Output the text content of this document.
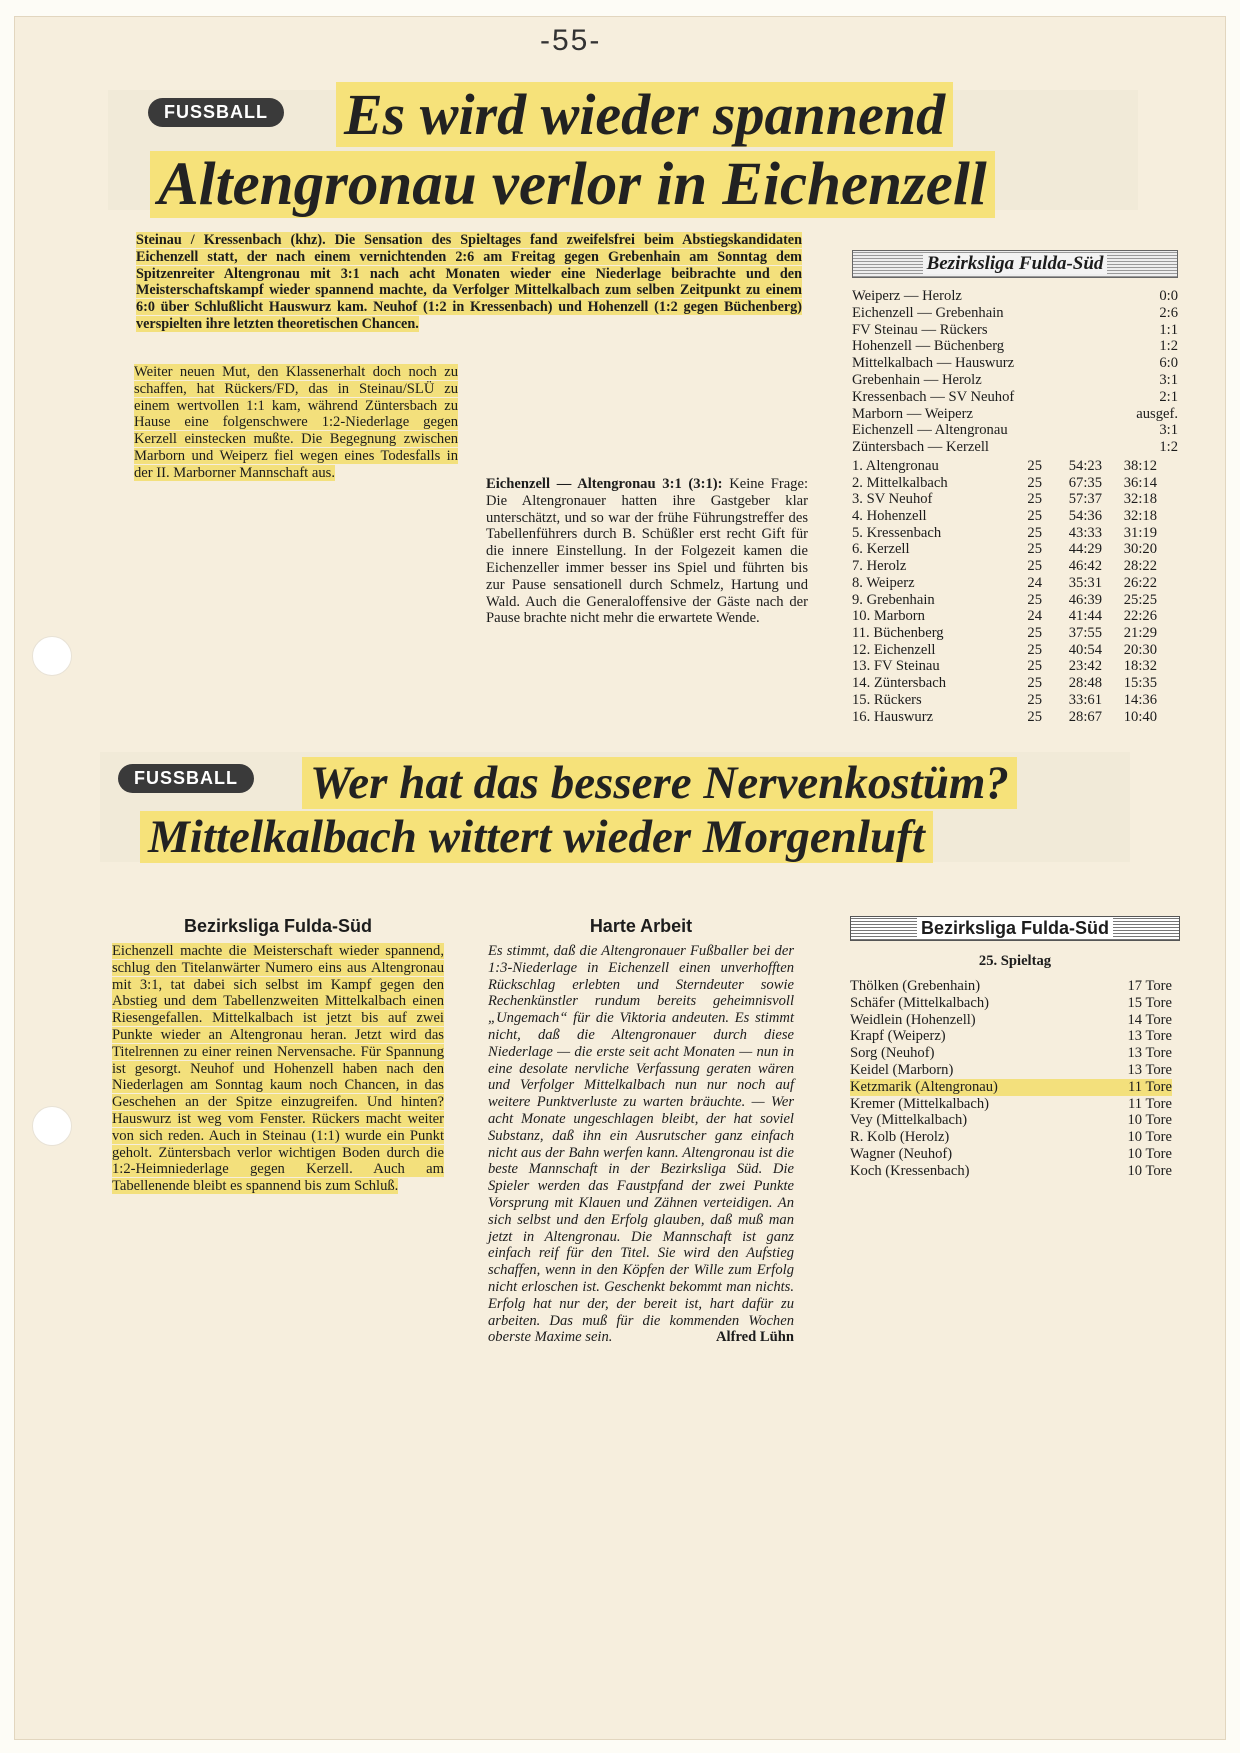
-55-
FUSSBALL Es wird wieder spannend
Altengronau verlor in Eichenzell
Steinau / Kressenbach (khz). Die Sensation des Spieltages fand zweifelsfrei beim Abstiegskandidaten Eichenzell statt, der nach einem vernichtenden 2:6 am Freitag gegen Grebenhain am Sonntag dem Spitzenreiter Altengronau mit 3:1 nach acht Monaten wieder eine Niederlage beibrachte und den Meisterschaftskampf wieder spannend machte, da Verfolger Mittelkalbach zum selben Zeitpunkt zu einem 6:0 über Schlußlicht Hauswurz kam. Neuhof (1:2 in Kressenbach) und Hohenzell (1:2 gegen Büchenberg) verspielten ihre letzten theoretischen Chancen.
Weiter neuen Mut, den Klassenerhalt doch noch zu schaffen, hat Rückers/FD, das in Steinau/SLÜ zu einem wertvollen 1:1 kam, während Züntersbach zu Hause eine folgenschwere 1:2-Niederlage gegen Kerzell einstecken mußte. Die Begegnung zwischen Marborn und Weiperz fiel wegen eines Todesfalls in der II. Marborner Mannschaft aus.
Eichenzell — Altengronau 3:1 (3:1): Keine Frage: Die Altengronauer hatten ihre Gastgeber klar unterschätzt, und so war der frühe Führungstreffer des Tabellenführers durch B. Schüßler erst recht Gift für die innere Einstellung. In der Folgezeit kamen die Eichenzeller immer besser ins Spiel und führten bis zur Pause sensationell durch Schmelz, Hartung und Wald. Auch die Generaloffensive der Gäste nach der Pause brachte nicht mehr die erwartete Wende.
Bezirksliga Fulda-Süd
Weiperz — Herolz	0:0
Eichenzell — Grebenhain	2:6
FV Steinau — Rückers	1:1
Hohenzell — Büchenberg	1:2
Mittelkalbach — Hauswurz	6:0
Grebenhain — Herolz	3:1
Kressenbach — SV Neuhof	2:1
Marborn — Weiperz	ausgef.
Eichenzell — Altengronau	3:1
Züntersbach — Kerzell	1:2
1. Altengronau	25	54:23	38:12
2. Mittelkalbach	25	67:35	36:14
3. SV Neuhof	25	57:37	32:18
4. Hohenzell	25	54:36	32:18
5. Kressenbach	25	43:33	31:19
6. Kerzell	25	44:29	30:20
7. Herolz	25	46:42	28:22
8. Weiperz	24	35:31	26:22
9. Grebenhain	25	46:39	25:25
10. Marborn	24	41:44	22:26
11. Büchenberg	25	37:55	21:29
12. Eichenzell	25	40:54	20:30
13. FV Steinau	25	23:42	18:32
14. Züntersbach	25	28:48	15:35
15. Rückers	25	33:61	14:36
16. Hauswurz	25	28:67	10:40
FUSSBALL	Wer hat das bessere Nervenkostüm?
Mittelkalbach wittert wieder Morgenluft
Bezirksliga Fulda-Süd
Eichenzell machte die Meisterschaft wieder spannend, schlug den Titelanwärter Numero eins aus Altengronau mit 3:1, tat dabei sich selbst im Kampf gegen den Abstieg und dem Tabellenzweiten Mittelkalbach einen Riesengefallen. Mittelkalbach ist jetzt bis auf zwei Punkte wieder an Altengronau heran. Jetzt wird das Titelrennen zu einer reinen Nervensache. Für Spannung ist gesorgt. Neuhof und Hohenzell haben nach den Niederlagen am Sonntag kaum noch Chancen, in das Geschehen an der Spitze einzugreifen. Und hinten? Hauswurz ist weg vom Fenster. Rückers macht weiter von sich reden. Auch in Steinau (1:1) wurde ein Punkt geholt. Züntersbach verlor wichtigen Boden durch die 1:2-Heimniederlage gegen Kerzell. Auch am Tabellenende bleibt es spannend bis zum Schluß.
Harte Arbeit
Es stimmt, daß die Altengronauer Fußballer bei der 1:3-Niederlage in Eichenzell einen unverhofften Rückschlag erlebten und Sterndeuter sowie Rechenkünstler rundum bereits geheimnisvoll „Ungemach“ für die Viktoria andeuten. Es stimmt nicht, daß die Altengronauer durch diese Niederlage — die erste seit acht Monaten — nun in eine desolate nervliche Verfassung geraten wären und Verfolger Mittelkalbach nun nur noch auf weitere Punktverluste zu warten bräuchte. — Wer acht Monate ungeschlagen bleibt, der hat soviel Substanz, daß ihn ein Ausrutscher ganz einfach nicht aus der Bahn werfen kann. Altengronau ist die beste Mannschaft in der Bezirksliga Süd. Die Spieler werden das Faustpfand der zwei Punkte Vorsprung mit Klauen und Zähnen verteidigen. An sich selbst und den Erfolg glauben, daß muß man jetzt in Altengronau. Die Mannschaft ist ganz einfach reif für den Titel. Sie wird den Aufstieg schaffen, wenn in den Köpfen der Wille zum Erfolg nicht erloschen ist. Geschenkt bekommt man nichts. Erfolg hat nur der, der bereit ist, hart dafür zu arbeiten. Das muß für die kommenden Wochen oberste Maxime sein.	Alfred Lühn
Bezirksliga Fulda-Süd
25. Spieltag
Thölken (Grebenhain)	17 Tore
Schäfer (Mittelkalbach)	15 Tore
Weidlein (Hohenzell)	14 Tore
Krapf (Weiperz)	13 Tore
Sorg (Neuhof)	13 Tore
Keidel (Marborn)	13 Tore
Ketzmarik (Altengronau)	11 Tore
Kremer (Mittelkalbach)	11 Tore
Vey (Mittelkalbach)	10 Tore
R. Kolb (Herolz)	10 Tore
Wagner (Neuhof)	10 Tore
Koch (Kressenbach)	10 Tore
